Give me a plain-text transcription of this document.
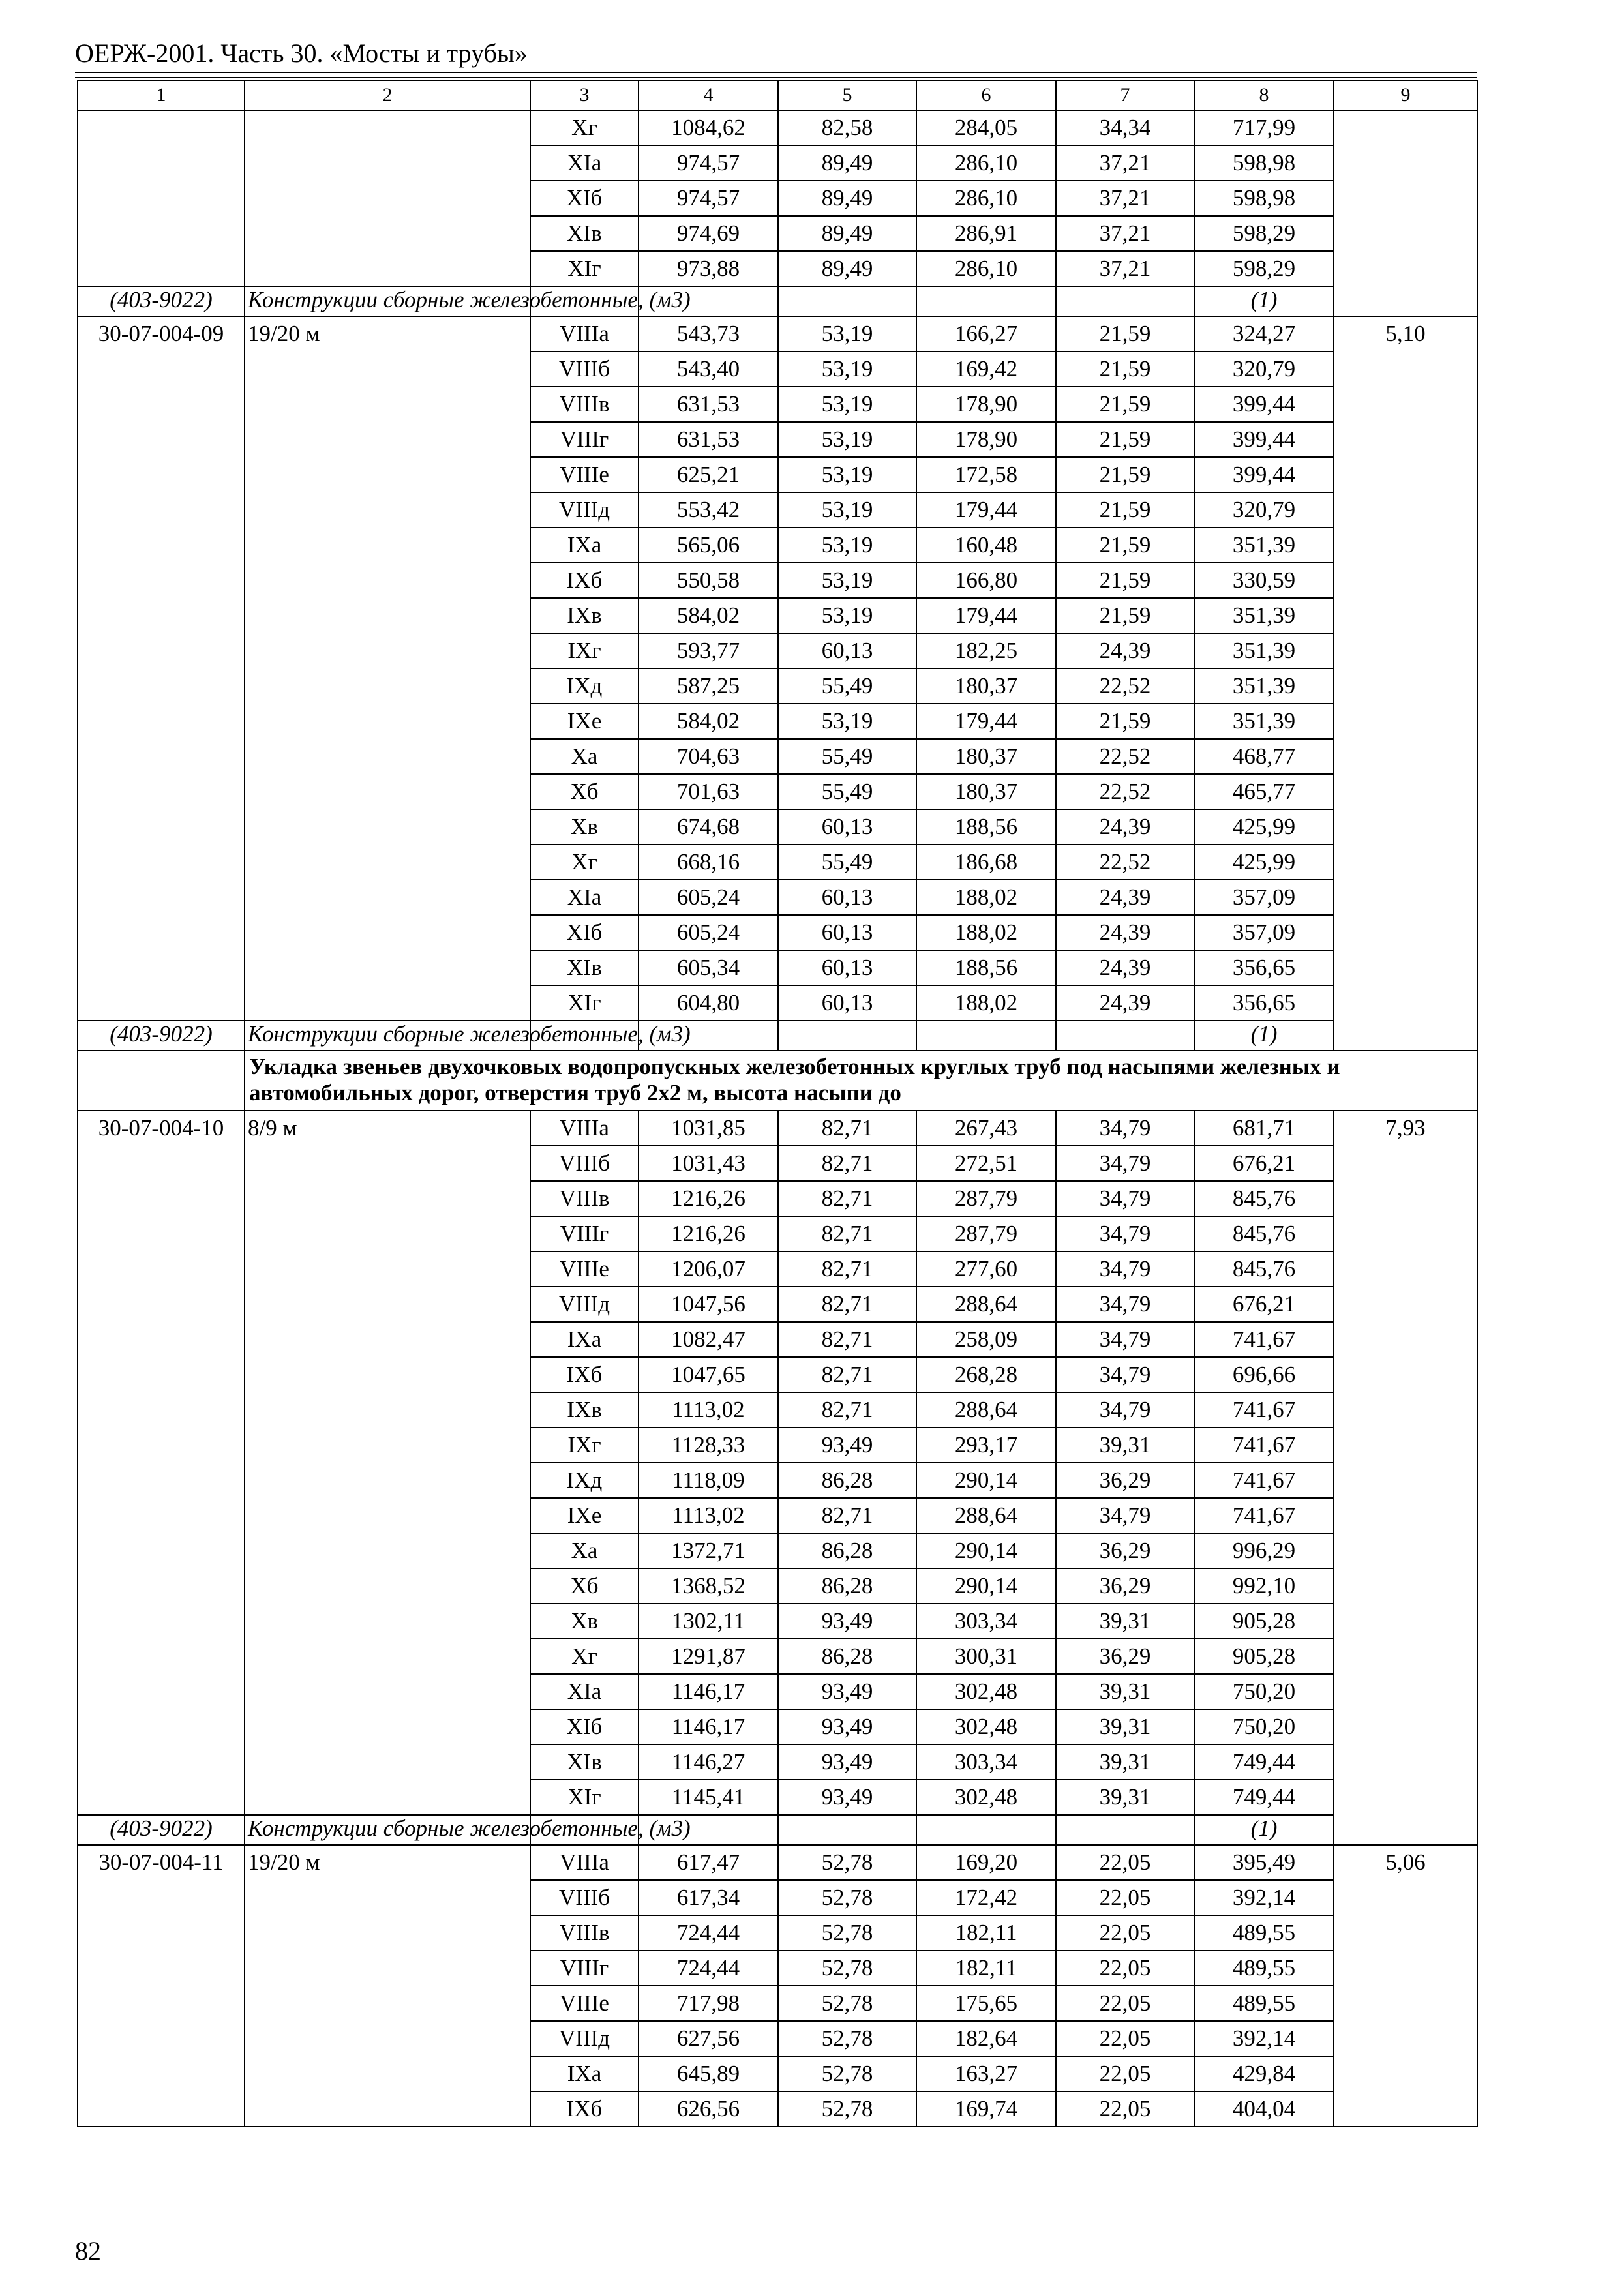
ОЕРЖ-2001. Часть 30. «Мосты и трубы»
1	2	3	4	5	6	7	8	9
		Xг	1084,62	82,58	284,05	34,34	717,99	
		XIa	974,57	89,49	286,10	37,21	598,98	
		XIб	974,57	89,49	286,10	37,21	598,98	
		XIв	974,69	89,49	286,91	37,21	598,29	
		XIг	973,88	89,49	286,10	37,21	598,29	
(403-9022)	Конструкции сборные железобетонные, (м3)						(1)	
30-07-004-09	19/20 м	VIIIa	543,73	53,19	166,27	21,59	324,27	5,10
		VIIIб	543,40	53,19	169,42	21,59	320,79	
		VIIIв	631,53	53,19	178,90	21,59	399,44	
		VIIIг	631,53	53,19	178,90	21,59	399,44	
		VIIIе	625,21	53,19	172,58	21,59	399,44	
		VIIIд	553,42	53,19	179,44	21,59	320,79	
		IXa	565,06	53,19	160,48	21,59	351,39	
		IXб	550,58	53,19	166,80	21,59	330,59	
		IXв	584,02	53,19	179,44	21,59	351,39	
		IXг	593,77	60,13	182,25	24,39	351,39	
		IXд	587,25	55,49	180,37	22,52	351,39	
		IXе	584,02	53,19	179,44	21,59	351,39	
		Xa	704,63	55,49	180,37	22,52	468,77	
		Xб	701,63	55,49	180,37	22,52	465,77	
		Xв	674,68	60,13	188,56	24,39	425,99	
		Xг	668,16	55,49	186,68	22,52	425,99	
		XIa	605,24	60,13	188,02	24,39	357,09	
		XIб	605,24	60,13	188,02	24,39	357,09	
		XIв	605,34	60,13	188,56	24,39	356,65	
		XIг	604,80	60,13	188,02	24,39	356,65	
(403-9022)	Конструкции сборные железобетонные, (м3)						(1)	
	Укладка звеньев двухочковых водопропускных железобетонных круглых труб под насыпями железных и автомобильных дорог, отверстия труб 2x2 м, высота насыпи до							
30-07-004-10	8/9 м	VIIIa	1031,85	82,71	267,43	34,79	681,71	7,93
		VIIIб	1031,43	82,71	272,51	34,79	676,21	
		VIIIв	1216,26	82,71	287,79	34,79	845,76	
		VIIIг	1216,26	82,71	287,79	34,79	845,76	
		VIIIе	1206,07	82,71	277,60	34,79	845,76	
		VIIIд	1047,56	82,71	288,64	34,79	676,21	
		IXa	1082,47	82,71	258,09	34,79	741,67	
		IXб	1047,65	82,71	268,28	34,79	696,66	
		IXв	1113,02	82,71	288,64	34,79	741,67	
		IXг	1128,33	93,49	293,17	39,31	741,67	
		IXд	1118,09	86,28	290,14	36,29	741,67	
		IXе	1113,02	82,71	288,64	34,79	741,67	
		Xa	1372,71	86,28	290,14	36,29	996,29	
		Xб	1368,52	86,28	290,14	36,29	992,10	
		Xв	1302,11	93,49	303,34	39,31	905,28	
		Xг	1291,87	86,28	300,31	36,29	905,28	
		XIa	1146,17	93,49	302,48	39,31	750,20	
		XIб	1146,17	93,49	302,48	39,31	750,20	
		XIв	1146,27	93,49	303,34	39,31	749,44	
		XIг	1145,41	93,49	302,48	39,31	749,44	
(403-9022)	Конструкции сборные железобетонные, (м3)						(1)	
30-07-004-11	19/20 м	VIIIa	617,47	52,78	169,20	22,05	395,49	5,06
		VIIIб	617,34	52,78	172,42	22,05	392,14	
		VIIIв	724,44	52,78	182,11	22,05	489,55	
		VIIIг	724,44	52,78	182,11	22,05	489,55	
		VIIIе	717,98	52,78	175,65	22,05	489,55	
		VIIIд	627,56	52,78	182,64	22,05	392,14	
		IXa	645,89	52,78	163,27	22,05	429,84	
		IXб	626,56	52,78	169,74	22,05	404,04	
82
